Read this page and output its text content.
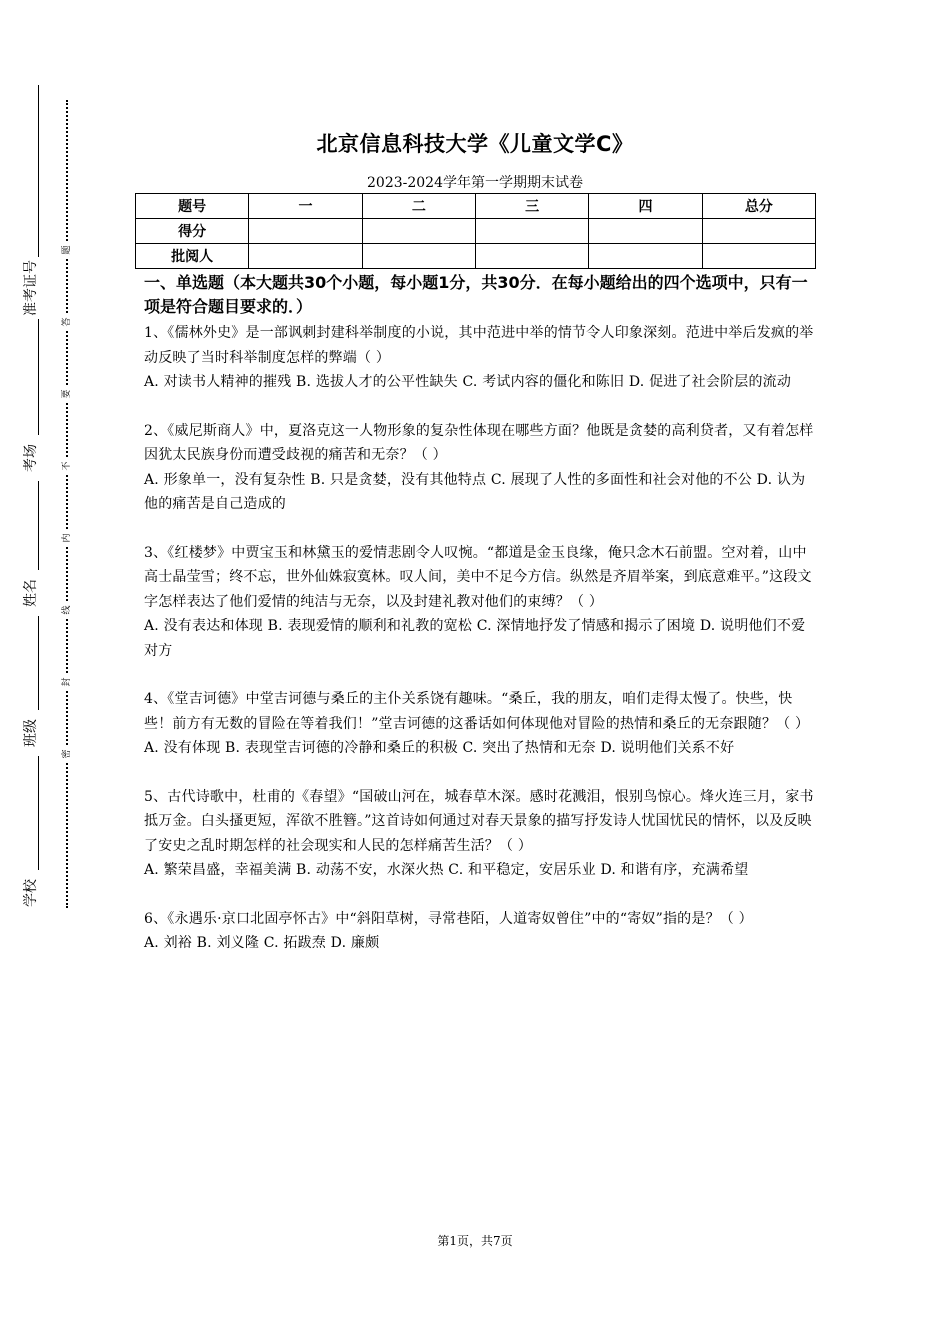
准考证号
考场
姓名
班级
学校
题
答
要
不
内
线
封
密
北京信息科技大学《儿童文学C》
2023-2024学年第一学期期末试卷
题号	一	二	三	四	总分
得分					
批阅人					

一、单选题（本大题共30个小题，每小题1分，共30分．在每小题给出的四个选项中，只有一项是符合题目要求的．）

1、《儒林外史》是一部讽刺封建科举制度的小说，其中范进中举的情节令人印象深刻。范进中举后发疯的举动反映了当时科举制度怎样的弊端（ ）

A. 对读书人精神的摧残 B. 选拔人才的公平性缺失 C. 考试内容的僵化和陈旧 D. 促进了社会阶层的流动

2、《威尼斯商人》中，夏洛克这一人物形象的复杂性体现在哪些方面？他既是贪婪的高利贷者，又有着怎样因犹太民族身份而遭受歧视的痛苦和无奈？（ ）

A. 形象单一，没有复杂性 B. 只是贪婪，没有其他特点 C. 展现了人性的多面性和社会对他的不公 D. 认为他的痛苦是自己造成的

3、《红楼梦》中贾宝玉和林黛玉的爱情悲剧令人叹惋。“都道是金玉良缘，俺只念木石前盟。空对着，山中高士晶莹雪；终不忘，世外仙姝寂寞林。叹人间，美中不足今方信。纵然是齐眉举案，到底意难平。”这段文字怎样表达了他们爱情的纯洁与无奈，以及封建礼教对他们的束缚？（ ）

A. 没有表达和体现 B. 表现爱情的顺利和礼教的宽松 C. 深情地抒发了情感和揭示了困境 D. 说明他们不爱对方

4、《堂吉诃德》中堂吉诃德与桑丘的主仆关系饶有趣味。“桑丘，我的朋友，咱们走得太慢了。快些，快些！前方有无数的冒险在等着我们！”堂吉诃德的这番话如何体现他对冒险的热情和桑丘的无奈跟随？（ ）

A. 没有体现 B. 表现堂吉诃德的冷静和桑丘的积极 C. 突出了热情和无奈 D. 说明他们关系不好

5、古代诗歌中，杜甫的《春望》“国破山河在，城春草木深。感时花溅泪，恨别鸟惊心。烽火连三月，家书抵万金。白头搔更短，浑欲不胜簪。”这首诗如何通过对春天景象的描写抒发诗人忧国忧民的情怀，以及反映了安史之乱时期怎样的社会现实和人民的怎样痛苦生活？（ ）

A. 繁荣昌盛，幸福美满 B. 动荡不安，水深火热 C. 和平稳定，安居乐业 D. 和谐有序，充满希望

6、《永遇乐·京口北固亭怀古》中“斜阳草树，寻常巷陌，人道寄奴曾住”中的“寄奴”指的是？（ ）

A. 刘裕 B. 刘义隆 C. 拓跋焘 D. 廉颇

第1页，共7页
